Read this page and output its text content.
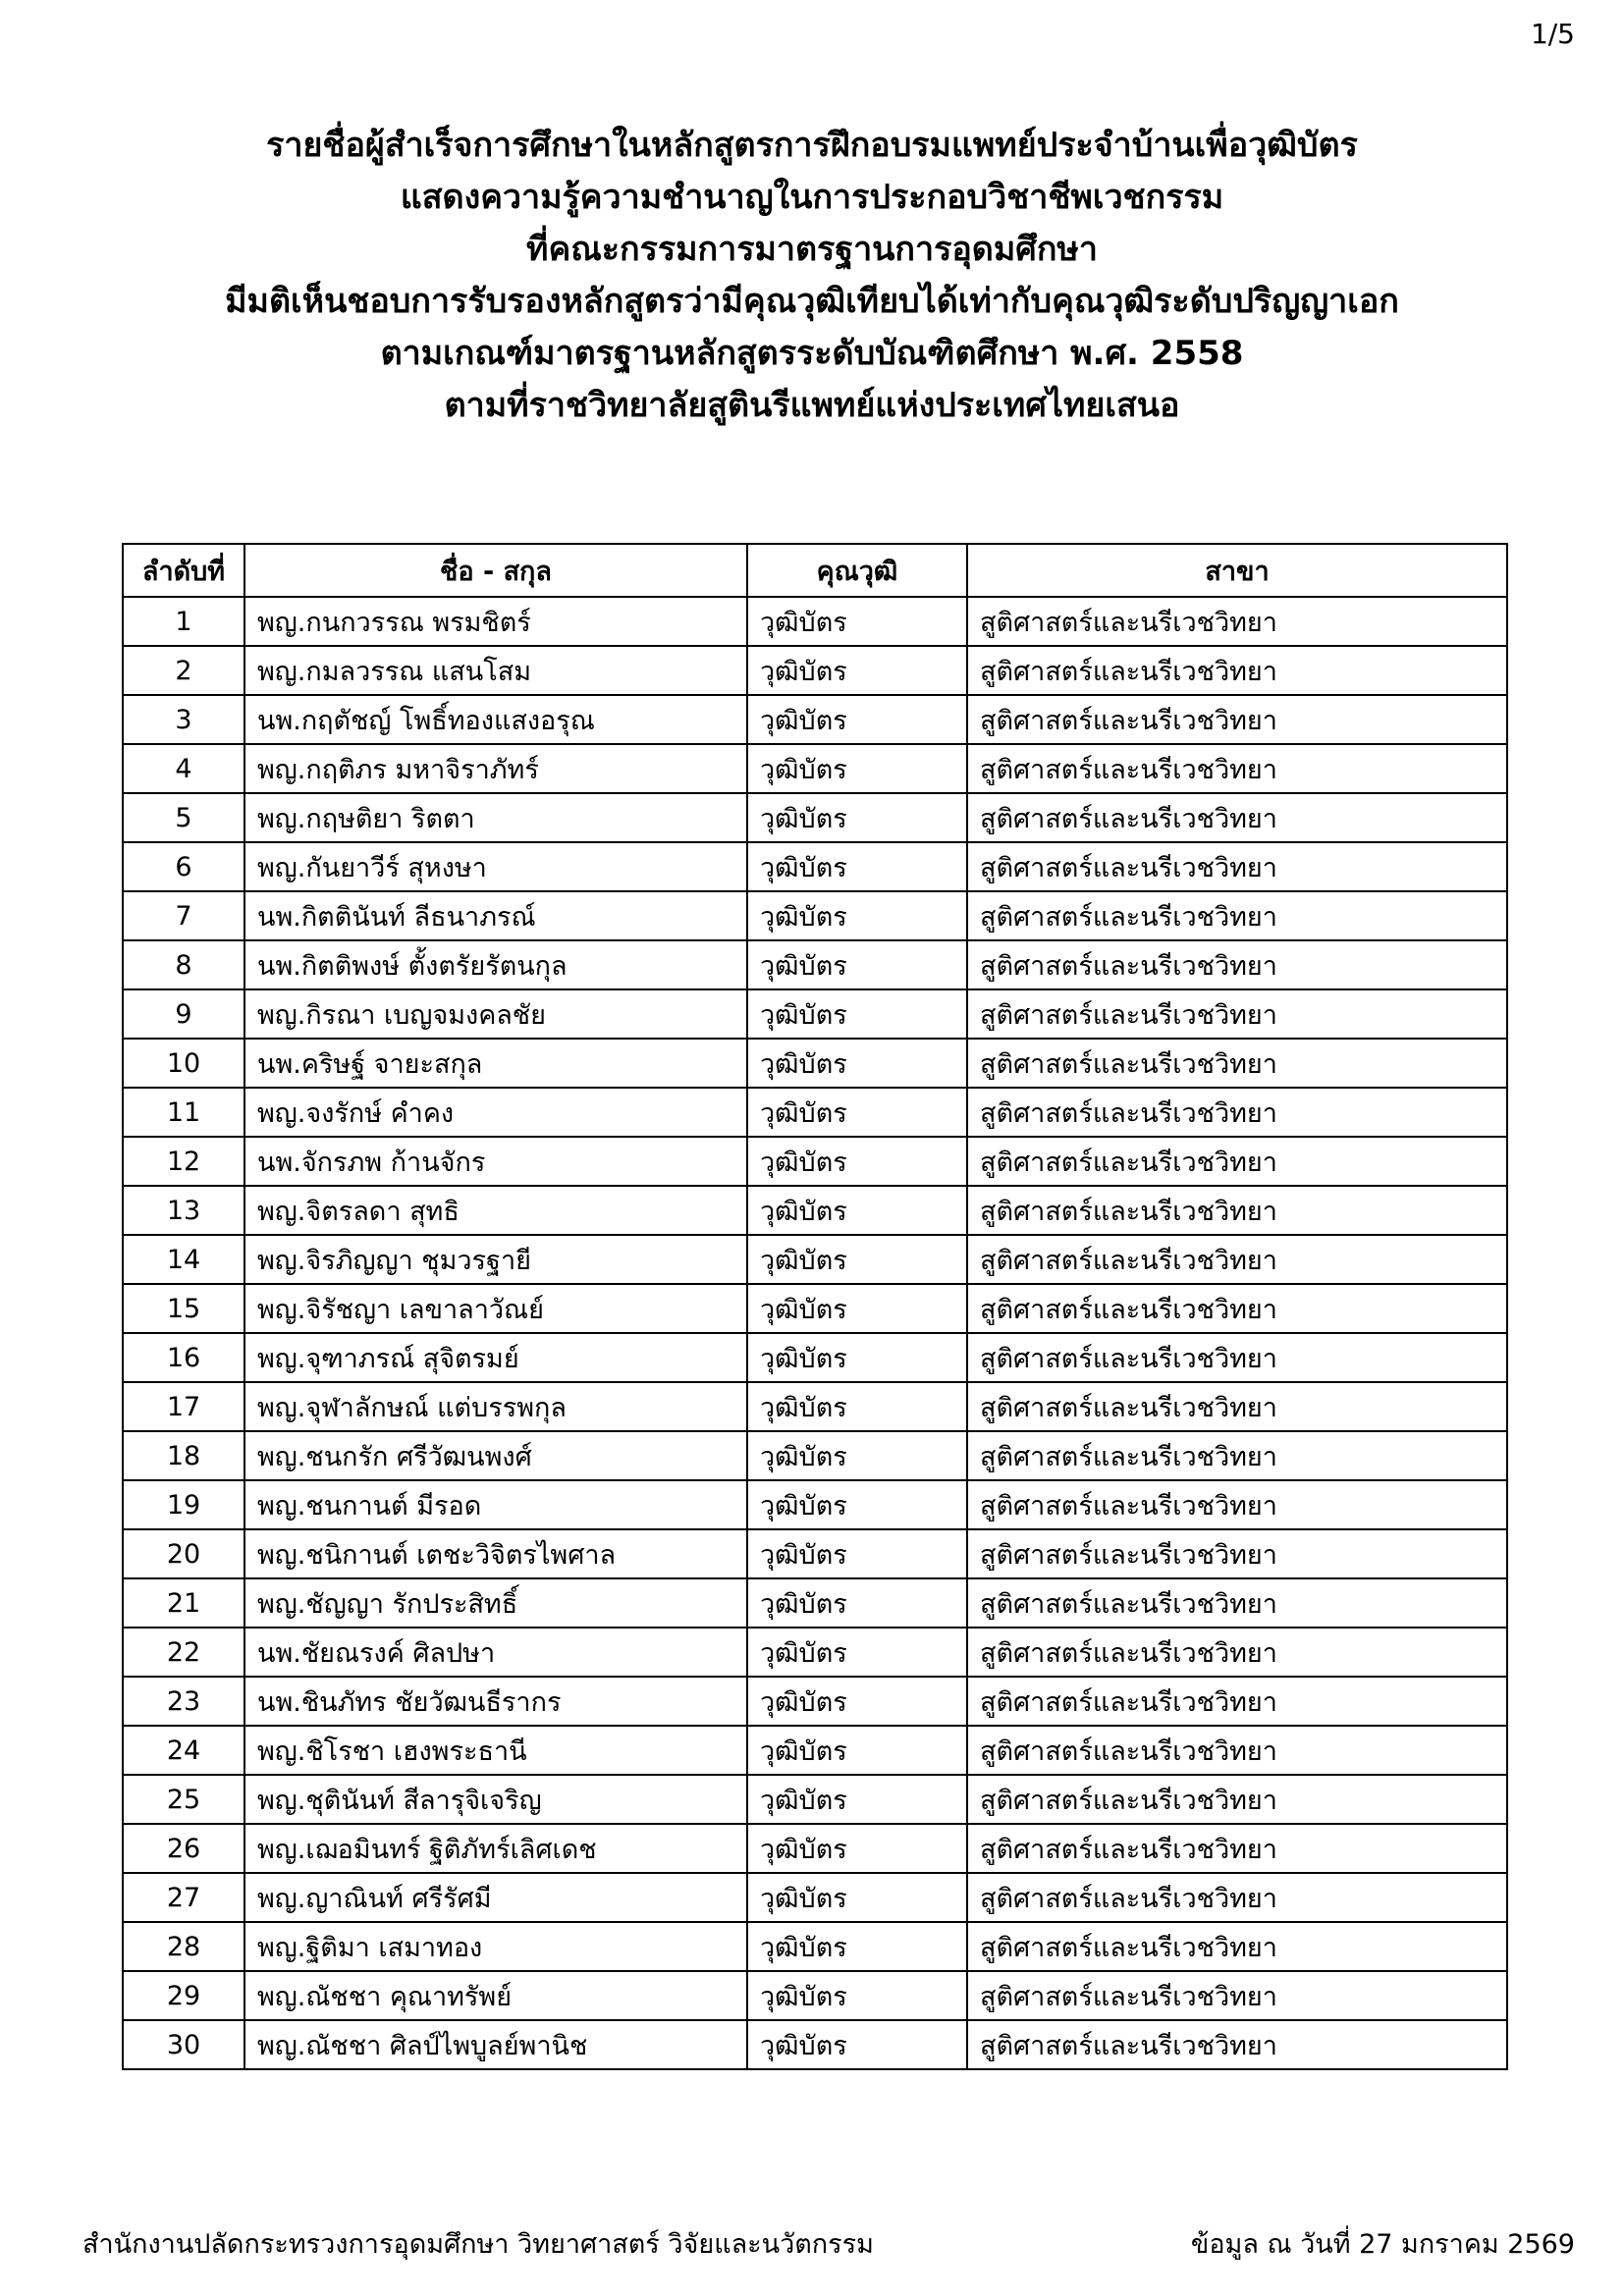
1/5
รายชื่อผู้สำเร็จการศึกษาในหลักสูตรการฝึกอบรมแพทย์ประจำบ้านเพื่อวุฒิบัตร
แสดงความรู้ความชำนาญในการประกอบวิชาชีพเวชกรรม
ที่คณะกรรมการมาตรฐานการอุดมศึกษา
มีมติเห็นชอบการรับรองหลักสูตรว่ามีคุณวุฒิเทียบได้เท่ากับคุณวุฒิระดับปริญญาเอก
ตามเกณฑ์มาตรฐานหลักสูตรระดับบัณฑิตศึกษา พ.ศ. 2558
ตามที่ราชวิทยาลัยสูตินรีแพทย์แห่งประเทศไทยเสนอ
ลำดับที่	ชื่อ - สกุล	คุณวุฒิ	สาขา
1	พญ.กนกวรรณ พรมชิตร์	วุฒิบัตร	สูติศาสตร์และนรีเวชวิทยา
2	พญ.กมลวรรณ แสนโสม	วุฒิบัตร	สูติศาสตร์และนรีเวชวิทยา
3	นพ.กฤตัชญ์ โพธิ์ทองแสงอรุณ	วุฒิบัตร	สูติศาสตร์และนรีเวชวิทยา
4	พญ.กฤติภร มหาจิราภัทร์	วุฒิบัตร	สูติศาสตร์และนรีเวชวิทยา
5	พญ.กฤษติยา ริตตา	วุฒิบัตร	สูติศาสตร์และนรีเวชวิทยา
6	พญ.กันยาวีร์ สุหงษา	วุฒิบัตร	สูติศาสตร์และนรีเวชวิทยา
7	นพ.กิตตินันท์ ลีธนาภรณ์	วุฒิบัตร	สูติศาสตร์และนรีเวชวิทยา
8	นพ.กิตติพงษ์ ตั้งตรัยรัตนกุล	วุฒิบัตร	สูติศาสตร์และนรีเวชวิทยา
9	พญ.กิรณา เบญจมงคลชัย	วุฒิบัตร	สูติศาสตร์และนรีเวชวิทยา
10	นพ.คริษฐ์ จายะสกุล	วุฒิบัตร	สูติศาสตร์และนรีเวชวิทยา
11	พญ.จงรักษ์ คำคง	วุฒิบัตร	สูติศาสตร์และนรีเวชวิทยา
12	นพ.จักรภพ ก้านจักร	วุฒิบัตร	สูติศาสตร์และนรีเวชวิทยา
13	พญ.จิตรลดา สุทธิ	วุฒิบัตร	สูติศาสตร์และนรีเวชวิทยา
14	พญ.จิรภิญญา ชุมวรฐายี	วุฒิบัตร	สูติศาสตร์และนรีเวชวิทยา
15	พญ.จิรัชญา เลขาลาวัณย์	วุฒิบัตร	สูติศาสตร์และนรีเวชวิทยา
16	พญ.จุฑาภรณ์ สุจิตรมย์	วุฒิบัตร	สูติศาสตร์และนรีเวชวิทยา
17	พญ.จุฬาลักษณ์ แต่บรรพกุล	วุฒิบัตร	สูติศาสตร์และนรีเวชวิทยา
18	พญ.ชนกรัก ศรีวัฒนพงศ์	วุฒิบัตร	สูติศาสตร์และนรีเวชวิทยา
19	พญ.ชนกานต์ มีรอด	วุฒิบัตร	สูติศาสตร์และนรีเวชวิทยา
20	พญ.ชนิกานต์ เตชะวิจิตรไพศาล	วุฒิบัตร	สูติศาสตร์และนรีเวชวิทยา
21	พญ.ชัญญา รักประสิทธิ์	วุฒิบัตร	สูติศาสตร์และนรีเวชวิทยา
22	นพ.ชัยณรงค์ ศิลปษา	วุฒิบัตร	สูติศาสตร์และนรีเวชวิทยา
23	นพ.ชินภัทร ชัยวัฒนธีรากร	วุฒิบัตร	สูติศาสตร์และนรีเวชวิทยา
24	พญ.ชิโรชา เฮงพระธานี	วุฒิบัตร	สูติศาสตร์และนรีเวชวิทยา
25	พญ.ชุตินันท์ สีลารุจิเจริญ	วุฒิบัตร	สูติศาสตร์และนรีเวชวิทยา
26	พญ.เฌอมินทร์ ฐิติภัทร์เลิศเดช	วุฒิบัตร	สูติศาสตร์และนรีเวชวิทยา
27	พญ.ญาณินท์ ศรีรัศมี	วุฒิบัตร	สูติศาสตร์และนรีเวชวิทยา
28	พญ.ฐิติมา เสมาทอง	วุฒิบัตร	สูติศาสตร์และนรีเวชวิทยา
29	พญ.ณัชชา คุณาทรัพย์	วุฒิบัตร	สูติศาสตร์และนรีเวชวิทยา
30	พญ.ณัชชา ศิลป์ไพบูลย์พานิช	วุฒิบัตร	สูติศาสตร์และนรีเวชวิทยา
สำนักงานปลัดกระทรวงการอุดมศึกษา วิทยาศาสตร์ วิจัยและนวัตกรรม	ข้อมูล ณ วันที่ 27 มกราคม 2569
